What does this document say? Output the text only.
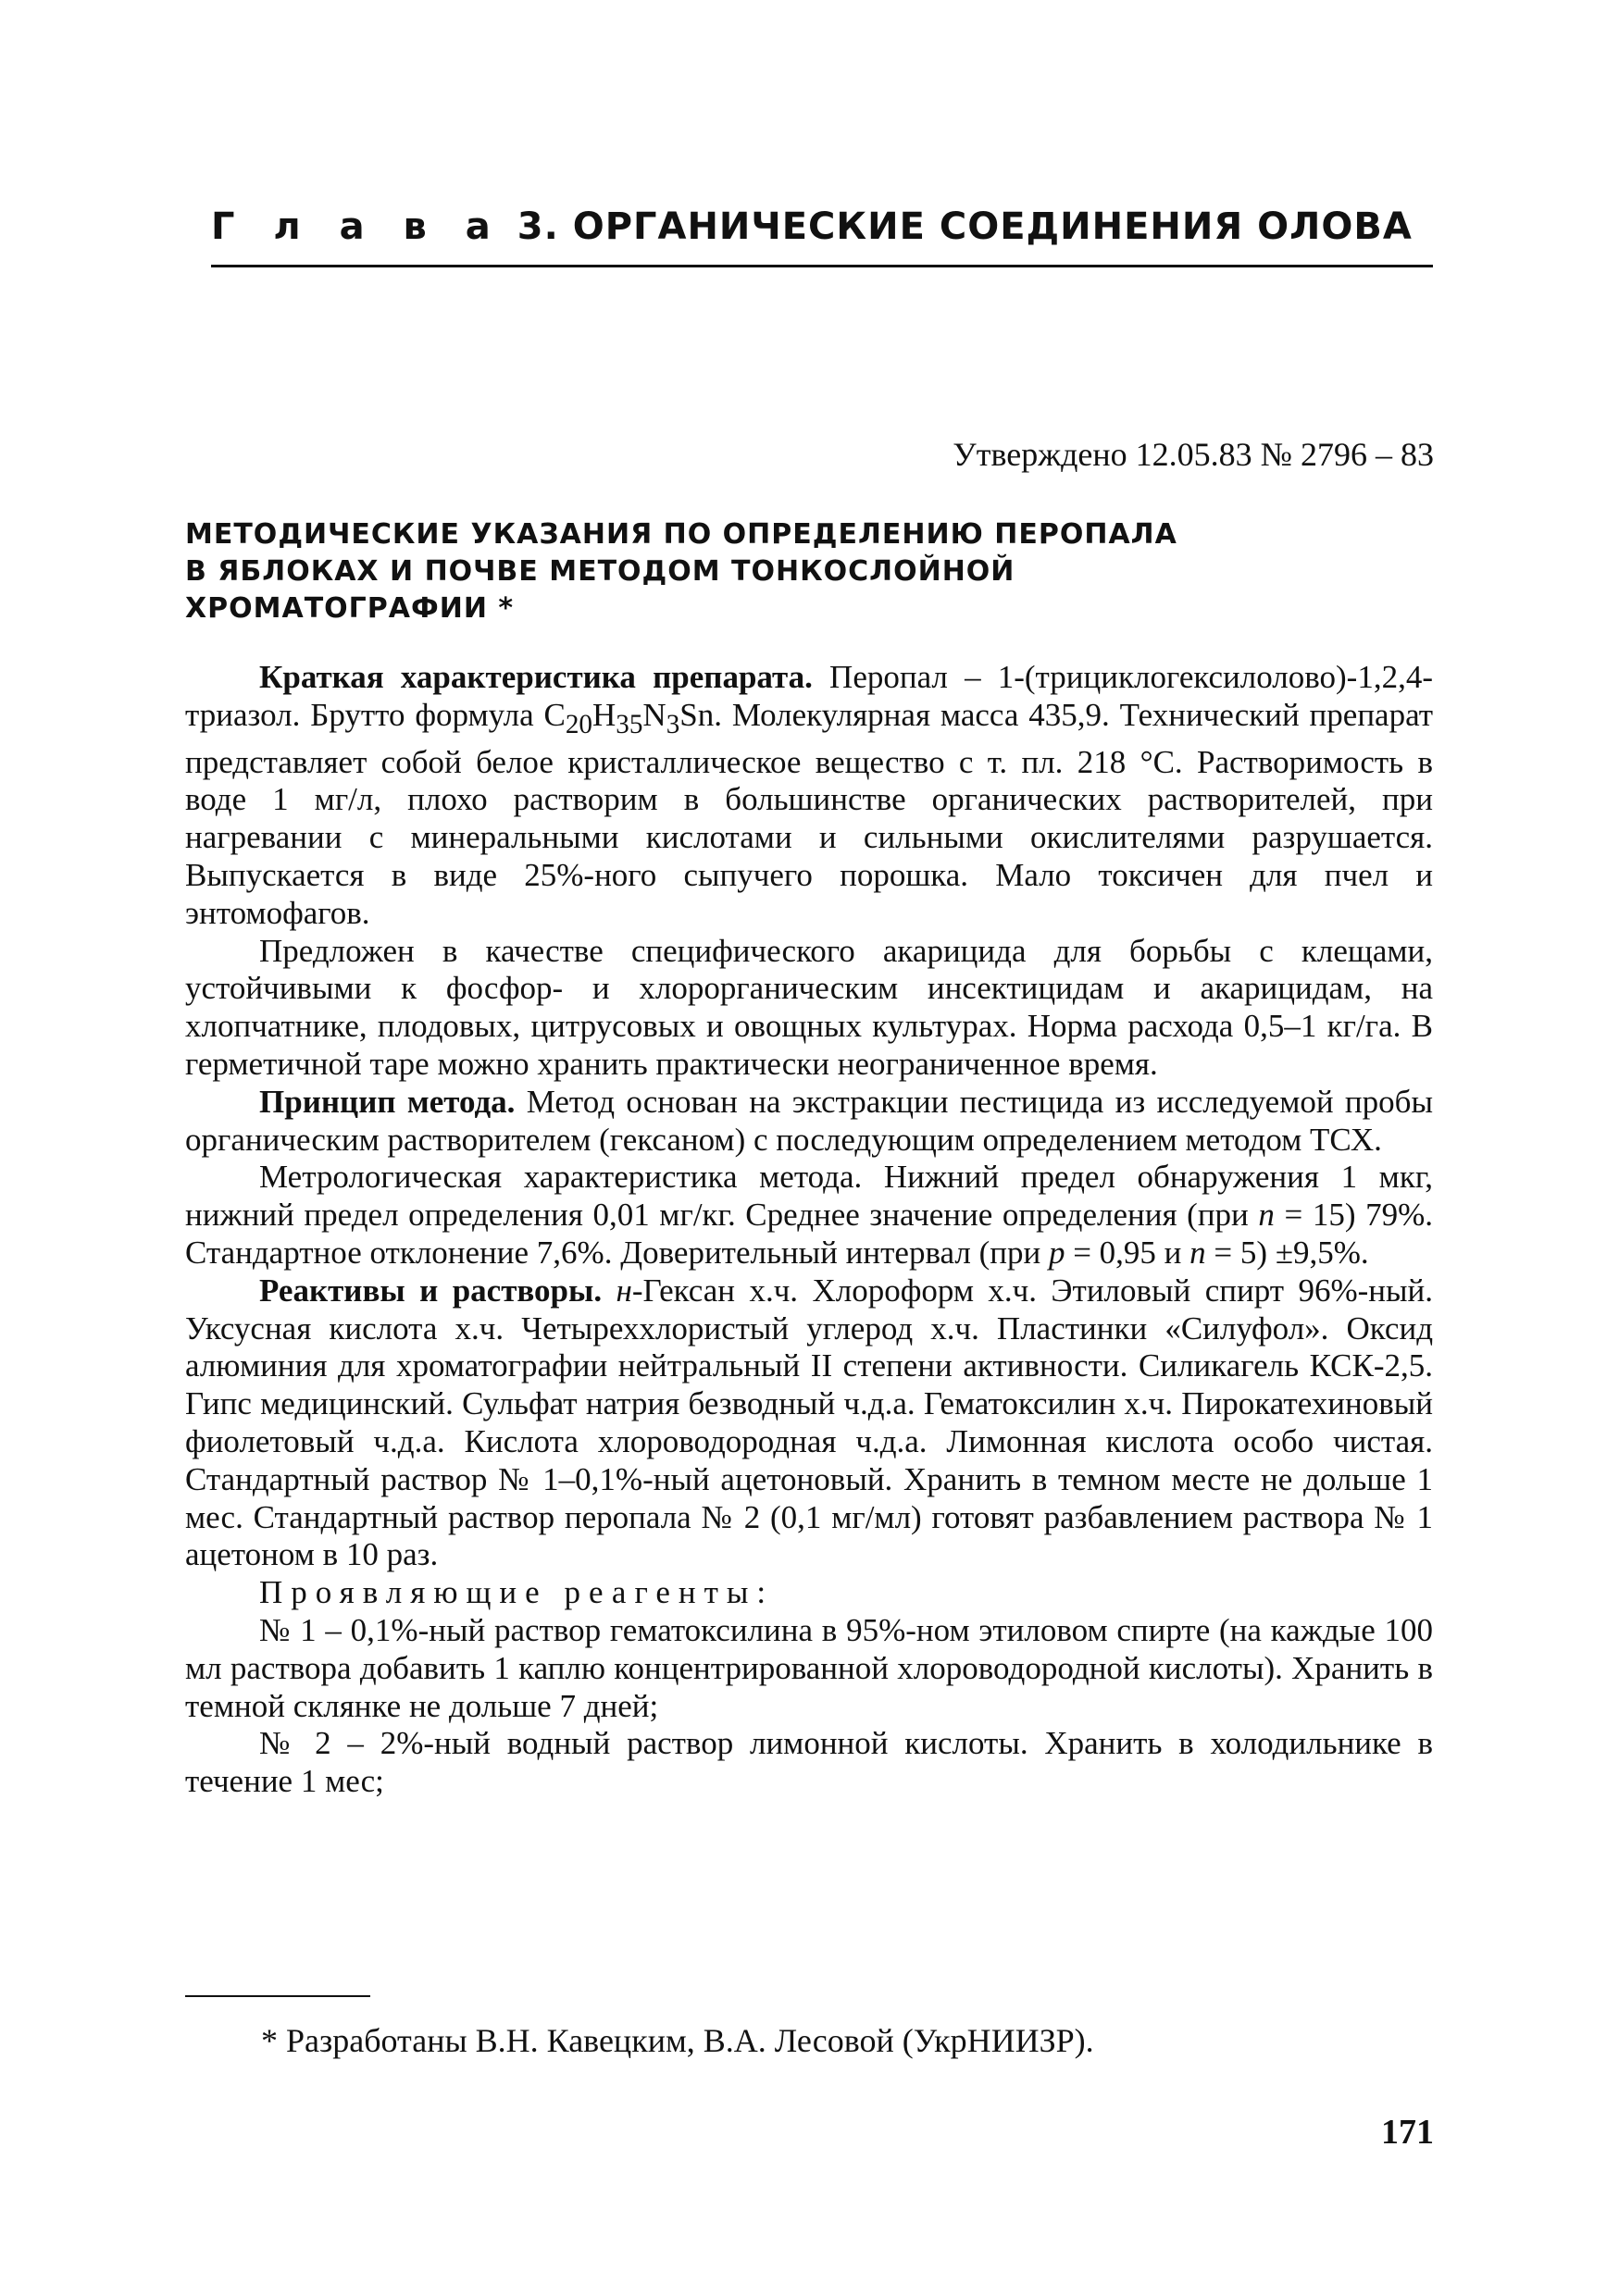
Г л а в а 3. ОРГАНИЧЕСКИЕ СОЕДИНЕНИЯ ОЛОВА
Утверждено 12.05.83 № 2796 – 83
МЕТОДИЧЕСКИЕ УКАЗАНИЯ ПО ОПРЕДЕЛЕНИЮ ПЕРОПАЛА
В ЯБЛОКАХ И ПОЧВЕ МЕТОДОМ ТОНКОСЛОЙНОЙ
ХРОМАТОГРАФИИ *

Краткая характеристика препарата. Перопал – 1-(трициклогексилолово)-1,2,4-триазол. Брутто формула $C_{20}H_{35}N_3Sn$. Молекулярная масса 435,9. Технический препарат представляет собой белое кристаллическое вещество с т. пл. 218 °С. Растворимость в воде 1 мг/л, плохо растворим в большинстве органических растворителей, при нагревании с минеральными кислотами и сильными окислителями разрушается. Выпускается в виде 25%-ного сыпучего порошка. Мало токсичен для пчел и энтомофагов.

Предложен в качестве специфического акарицида для борьбы с клещами, устойчивыми к фосфор- и хлорорганическим инсектицидам и акарицидам, на хлопчатнике, плодовых, цитрусовых и овощных культурах. Норма расхода 0,5–1 кг/га. В герметичной таре можно хранить практически неограниченное время.

Принцип метода. Метод основан на экстракции пестицида из исследуемой пробы органическим растворителем (гексаном) с последующим определением методом ТСХ.

Метрологическая характеристика метода. Нижний предел обнаружения 1 мкг, нижний предел определения 0,01 мг/кг. Среднее значение определения (при n = 15) 79%. Стандартное отклонение 7,6%. Доверительный интервал (при p = 0,95 и n = 5) ±9,5%.

Реактивы и растворы. н-Гексан х.ч. Хлороформ х.ч. Этиловый спирт 96%-ный. Уксусная кислота х.ч. Четыреххлористый углерод х.ч. Пластинки «Силуфол». Оксид алюминия для хроматографии нейтральный II степени активности. Силикагель КСК-2,5. Гипс медицинский. Сульфат натрия безводный ч.д.а. Гематоксилин х.ч. Пирокатехиновый фиолетовый ч.д.а. Кислота хлороводородная ч.д.а. Лимонная кислота особо чистая. Стандартный раствор № 1–0,1%-ный ацетоновый. Хранить в темном месте не дольше 1 мес. Стандартный раствор перопала № 2 (0,1 мг/мл) готовят разбавлением раствора № 1 ацетоном в 10 раз.

Проявляющие реагенты:

№ 1 – 0,1%-ный раствор гематоксилина в 95%-ном этиловом спирте (на каждые 100 мл раствора добавить 1 каплю концентрированной хлороводородной кислоты). Хранить в темной склянке не дольше 7 дней;

№ 2 – 2%-ный водный раствор лимонной кислоты. Хранить в холодильнике в течение 1 мес;

* Разработаны В.Н. Кавецким, В.А. Лесовой (УкрНИИЗР).
171
